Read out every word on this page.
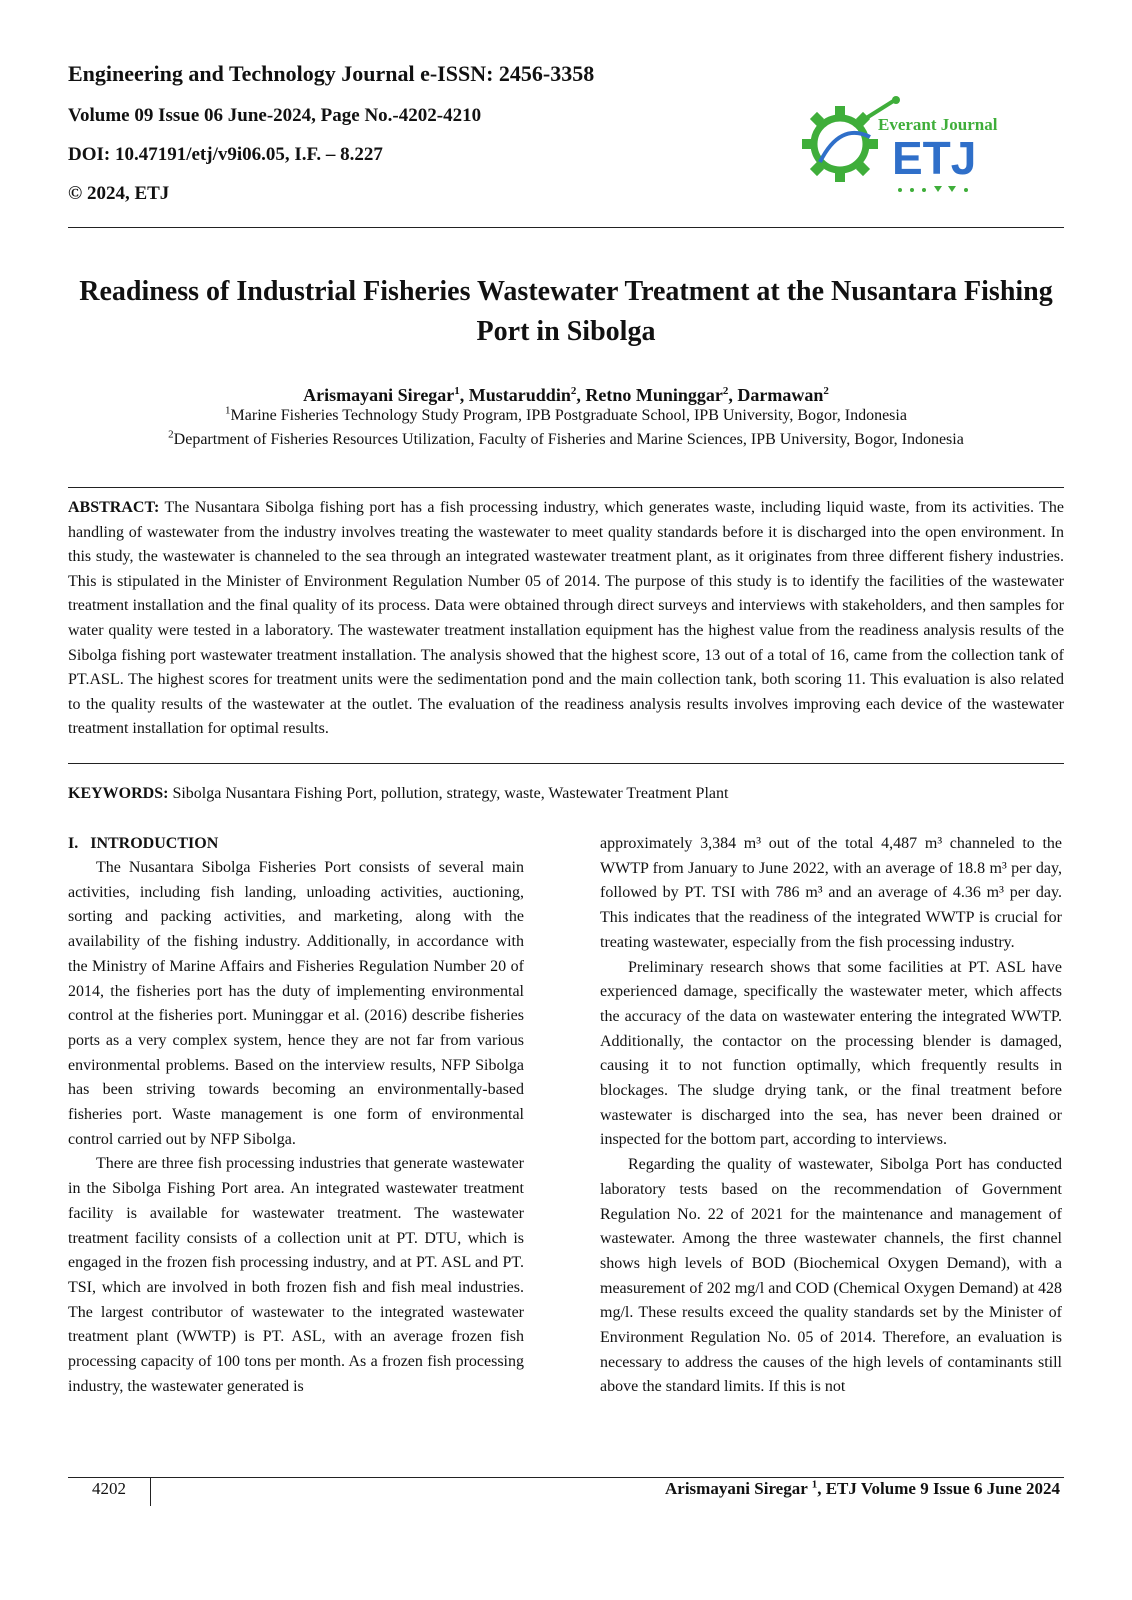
Engineering and Technology Journal e-ISSN: 2456-3358
Volume 09 Issue 06 June-2024, Page No.-4202-4210
DOI: 10.47191/etj/v9i06.05, I.F. – 8.227
© 2024, ETJ
Everant Journal
ETJ
Readiness of Industrial Fisheries Wastewater Treatment at the Nusantara Fishing Port in Sibolga
Arismayani Siregar$^1$, Mustaruddin$^2$, Retno Muninggar$^2$, Darmawan$^2$
$^1$Marine Fisheries Technology Study Program, IPB Postgraduate School, IPB University, Bogor, Indonesia
$^2$Department of Fisheries Resources Utilization, Faculty of Fisheries and Marine Sciences, IPB University, Bogor, Indonesia
ABSTRACT: The Nusantara Sibolga fishing port has a fish processing industry, which generates waste, including liquid waste, from its activities. The handling of wastewater from the industry involves treating the wastewater to meet quality standards before it is discharged into the open environment. In this study, the wastewater is channeled to the sea through an integrated wastewater treatment plant, as it originates from three different fishery industries. This is stipulated in the Minister of Environment Regulation Number 05 of 2014. The purpose of this study is to identify the facilities of the wastewater treatment installation and the final quality of its process. Data were obtained through direct surveys and interviews with stakeholders, and then samples for water quality were tested in a laboratory. The wastewater treatment installation equipment has the highest value from the readiness analysis results of the Sibolga fishing port wastewater treatment installation. The analysis showed that the highest score, 13 out of a total of 16, came from the collection tank of PT.ASL. The highest scores for treatment units were the sedimentation pond and the main collection tank, both scoring 11. This evaluation is also related to the quality results of the wastewater at the outlet. The evaluation of the readiness analysis results involves improving each device of the wastewater treatment installation for optimal results.
KEYWORDS: Sibolga Nusantara Fishing Port, pollution, strategy, waste, Wastewater Treatment Plant
I.   INTRODUCTION

The Nusantara Sibolga Fisheries Port consists of several main activities, including fish landing, unloading activities, auctioning, sorting and packing activities, and marketing, along with the availability of the fishing industry. Additionally, in accordance with the Ministry of Marine Affairs and Fisheries Regulation Number 20 of 2014, the fisheries port has the duty of implementing environmental control at the fisheries port. Muninggar et al. (2016) describe fisheries ports as a very complex system, hence they are not far from various environmental problems. Based on the interview results, NFP Sibolga has been striving towards becoming an environmentally-based fisheries port. Waste management is one form of environmental control carried out by NFP Sibolga.

There are three fish processing industries that generate wastewater in the Sibolga Fishing Port area. An integrated wastewater treatment facility is available for wastewater treatment. The wastewater treatment facility consists of a collection unit at PT. DTU, which is engaged in the frozen fish processing industry, and at PT. ASL and PT. TSI, which are involved in both frozen fish and fish meal industries. The largest contributor of wastewater to the integrated wastewater treatment plant (WWTP) is PT. ASL, with an average frozen fish processing capacity of 100 tons per month. As a frozen fish processing industry, the wastewater generated is

approximately 3,384 m³ out of the total 4,487 m³ channeled to the WWTP from January to June 2022, with an average of 18.8 m³ per day, followed by PT. TSI with 786 m³ and an average of 4.36 m³ per day. This indicates that the readiness of the integrated WWTP is crucial for treating wastewater, especially from the fish processing industry.

Preliminary research shows that some facilities at PT. ASL have experienced damage, specifically the wastewater meter, which affects the accuracy of the data on wastewater entering the integrated WWTP. Additionally, the contactor on the processing blender is damaged, causing it to not function optimally, which frequently results in blockages. The sludge drying tank, or the final treatment before wastewater is discharged into the sea, has never been drained or inspected for the bottom part, according to interviews.

Regarding the quality of wastewater, Sibolga Port has conducted laboratory tests based on the recommendation of Government Regulation No. 22 of 2021 for the maintenance and management of wastewater. Among the three wastewater channels, the first channel shows high levels of BOD (Biochemical Oxygen Demand), with a measurement of 202 mg/l and COD (Chemical Oxygen Demand) at 428 mg/l. These results exceed the quality standards set by the Minister of Environment Regulation No. 05 of 2014. Therefore, an evaluation is necessary to address the causes of the high levels of contaminants still above the standard limits. If this is not

4202	Arismayani Siregar $^1$, ETJ Volume 9 Issue 6 June 2024
